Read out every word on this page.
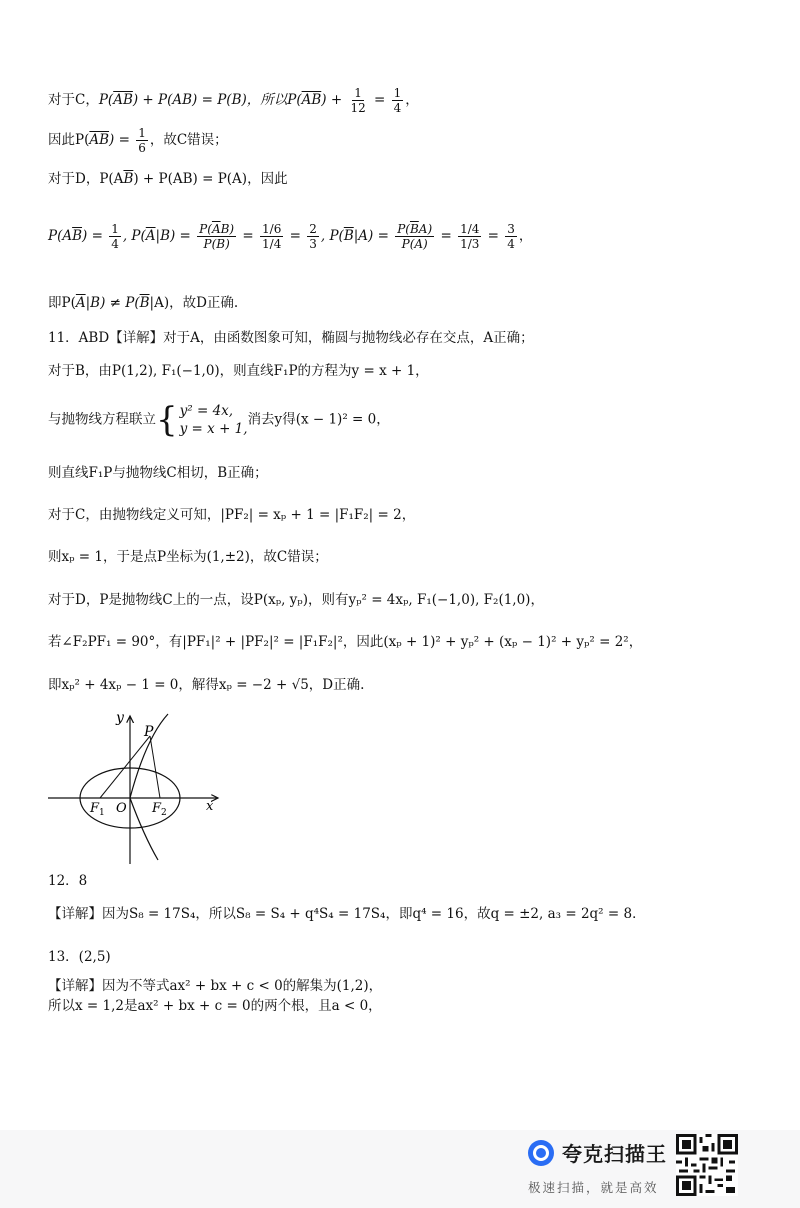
对于C，$P(\overline{AB}) + P(AB) = P(B)$，所以$P(\overline{AB}) + \frac{1}{12} = \frac{1}{4}$ ，
因此$P(\overline{AB}) = \frac{1}{6}$ ，故C错误；
对于D，$P(A\overline{B}) + P(AB) = P(A)$，因此
$P(A\overline{B}) = \frac{1}{4}$ , $P(\overline{A}|B) = \frac{P(\overline{A}B)}{P(B)} = \frac{1/6}{1/4} = \frac{2}{3}$ , $P(\overline{B}|A) = \frac{P(\overline{B}A)}{P(A)} = \frac{1/4}{1/3} = \frac{3}{4}$ ，
即$P(\overline{A}|B) \ne P(\overline{B}|A)$，故D正确.
11．ABD【详解】对于A，由函数图象可知，椭圆与抛物线必存在交点，A正确；
对于B，由P(1,2), F₁(−1,0)，则直线F₁P的方程为y = x + 1，
与抛物线方程联立 { y² = 4x,
y = x + 1,
消去y得(x − 1)² = 0，
则直线F₁P与抛物线C相切，B正确；
对于C，由抛物线定义可知，|PF₂| = xₚ + 1 = |F₁F₂| = 2，
则xₚ = 1，于是点P坐标为(1,±2)，故C错误；
对于D，P是抛物线C上的一点，设P(xₚ, yₚ)，则有yₚ² = 4xₚ, F₁(−1,0), F₂(1,0)，
若∠F₂PF₁ = 90°，有|PF₁|² + |PF₂|² = |F₁F₂|²，因此(xₚ + 1)² + yₚ² + (xₚ − 1)² + yₚ² = 2²，
即xₚ² + 4xₚ − 1 = 0，解得xₚ = −2 + √5，D正确.
y
P
$F_1$ O $F_2$	x
12．8
【详解】因为S₈ = 17S₄，所以S₈ = S₄ + q⁴S₄ = 17S₄，即q⁴ = 16，故q = ±2, a₃ = 2q² = 8．
13．(2,5)
【详解】因为不等式ax² + bx + c < 0的解集为(1,2)，
所以x = 1,2是ax² + bx + c = 0的两个根，且a < 0，
夸克扫描王
极速扫描，就是高效
